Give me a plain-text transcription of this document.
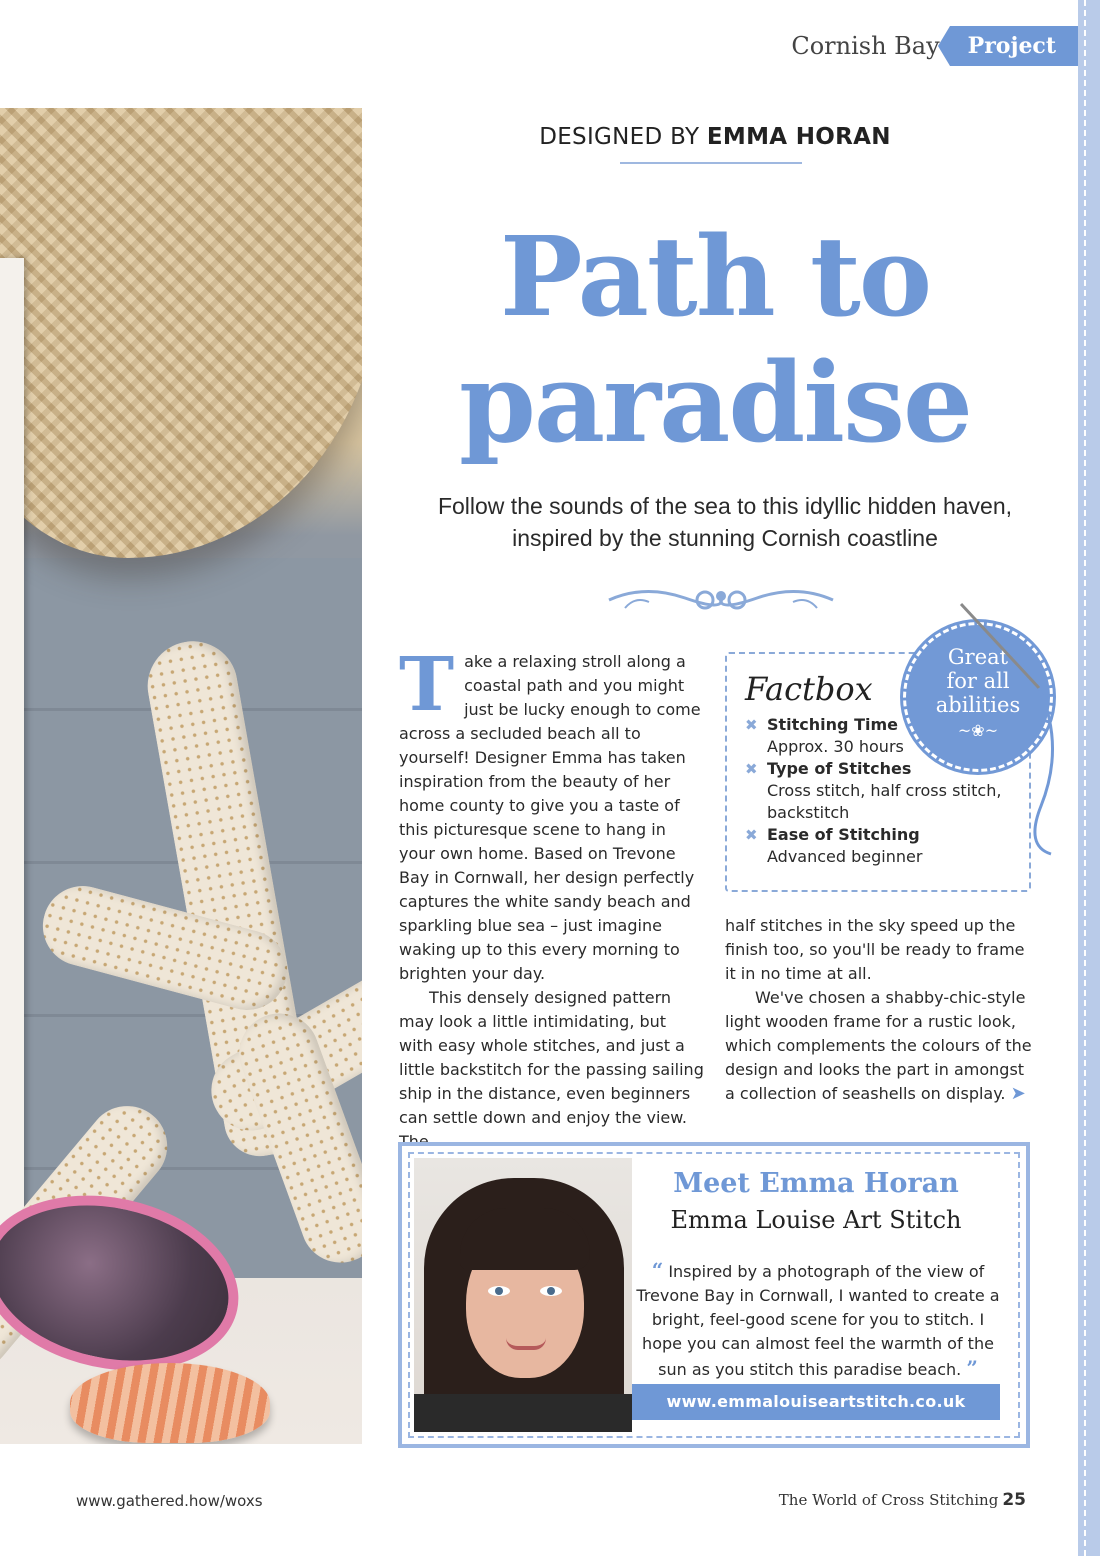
Cornish Bay	Project
DESIGNED BY EMMA HORAN
Path to
paradise
Follow the sounds of the sea to this idyllic hidden haven,
inspired by the stunning Cornish coastline

Take a relaxing stroll along a coastal path and you might just be lucky enough to come across a secluded beach all to yourself! Designer Emma has taken inspiration from the beauty of her home county to give you a taste of this picturesque scene to hang in your own home. Based on Trevone Bay in Cornwall, her design perfectly captures the white sandy beach and sparkling blue sea – just imagine waking up to this every morning to brighten your day.

This densely designed pattern may look a little intimidating, but with easy whole stitches, and just a little backstitch for the passing sailing ship in the distance, even beginners can settle down and enjoy the view.

Factbox
✖ Stitching Time
Approx. 30 hours
✖ Type of Stitches
Cross stitch, half cross stitch, backstitch
✖ Ease of Stitching
Advanced beginner
Great
for all
abilities
~❀~

half stitches in the sky speed up the finish too, so you'll be ready to frame it in no time at all.

We've chosen a shabby-chic-style light wooden frame for a rustic look, which complements the colours of the design and looks the part in amongst a collection of seashells on display. ➤

Meet Emma Horan
Emma Louise Art Stitch
“ Inspired by a photograph of the view of Trevone Bay in Cornwall, I wanted to create a bright, feel-good scene for you to stitch. I hope you can almost feel the warmth of the sun as you stitch this paradise beach. ”
www.emmalouiseartstitch.co.uk
www.gathered.how/woxs	The World of Cross Stitching 25
